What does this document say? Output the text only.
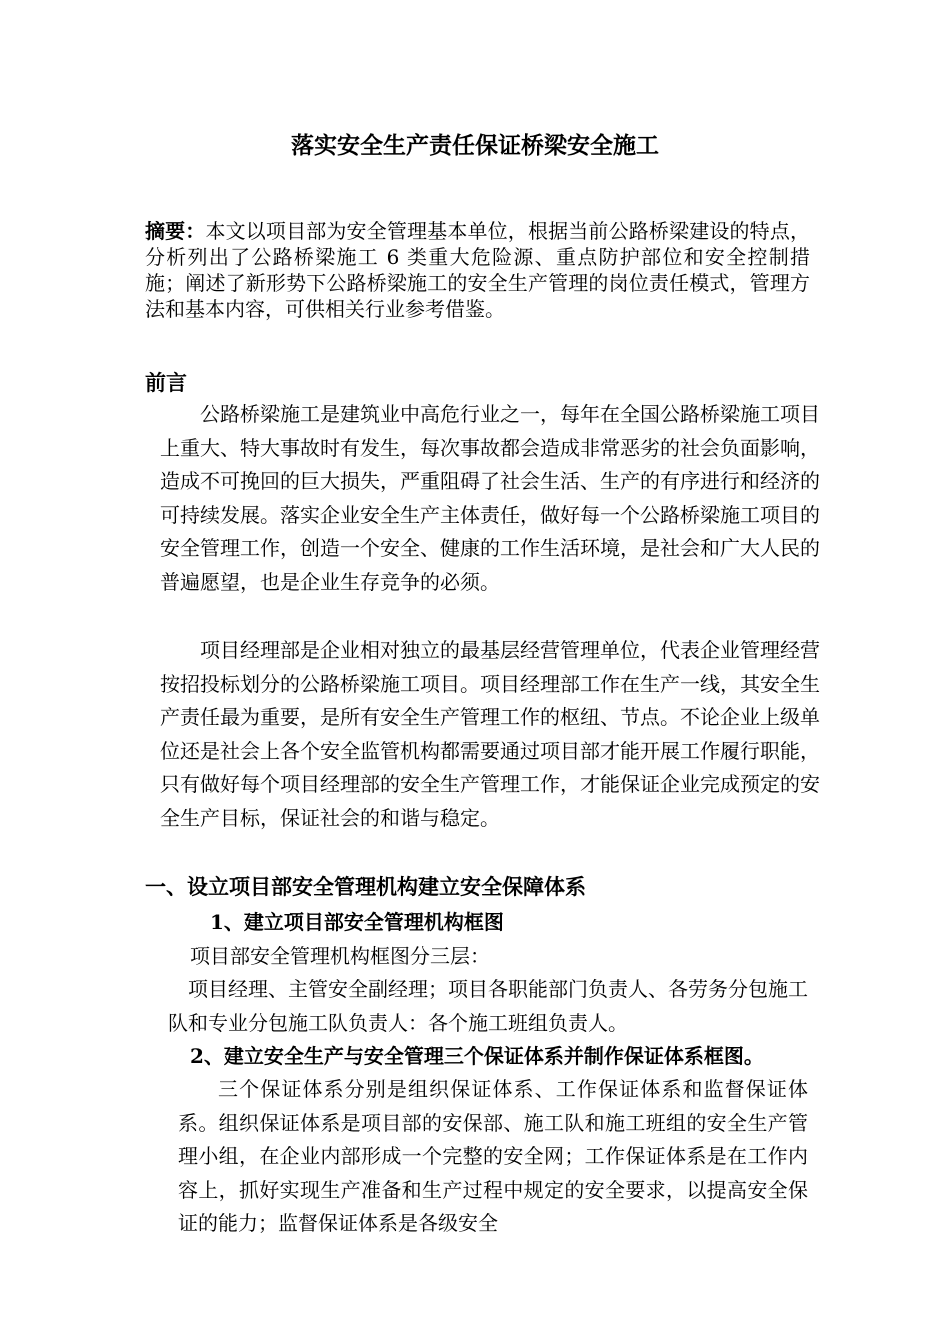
落实安全生产责任保证桥梁安全施工
摘要：本文以项目部为安全管理基本单位，根据当前公路桥梁建设的特点，分析列出了公路桥梁施工 6 类重大危险源、重点防护部位和安全控制措施；阐述了新形势下公路桥梁施工的安全生产管理的岗位责任模式，管理方法和基本内容，可供相关行业参考借鉴。
前言
公路桥梁施工是建筑业中高危行业之一，每年在全国公路桥梁施工项目上重大、特大事故时有发生，每次事故都会造成非常恶劣的社会负面影响，造成不可挽回的巨大损失，严重阻碍了社会生活、生产的有序进行和经济的可持续发展。落实企业安全生产主体责任，做好每一个公路桥梁施工项目的安全管理工作，创造一个安全、健康的工作生活环境，是社会和广大人民的普遍愿望，也是企业生存竞争的必须。
项目经理部是企业相对独立的最基层经营管理单位，代表企业管理经营按招投标划分的公路桥梁施工项目。项目经理部工作在生产一线，其安全生产责任最为重要，是所有安全生产管理工作的枢纽、节点。不论企业上级单位还是社会上各个安全监管机构都需要通过项目部才能开展工作履行职能，只有做好每个项目经理部的安全生产管理工作，才能保证企业完成预定的安全生产目标，保证社会的和谐与稳定。
一、设立项目部安全管理机构建立安全保障体系
1、建立项目部安全管理机构框图
项目部安全管理机构框图分三层：
项目经理、主管安全副经理；项目各职能部门负责人、各劳务分包施工队和专业分包施工队负责人：各个施工班组负责人。
2、建立安全生产与安全管理三个保证体系并制作保证体系框图。
三个保证体系分别是组织保证体系、工作保证体系和监督保证体系。组织保证体系是项目部的安保部、施工队和施工班组的安全生产管理小组，在企业内部形成一个完整的安全网；工作保证体系是在工作内容上，抓好实现生产准备和生产过程中规定的安全要求，以提高安全保证的能力；监督保证体系是各级安全
